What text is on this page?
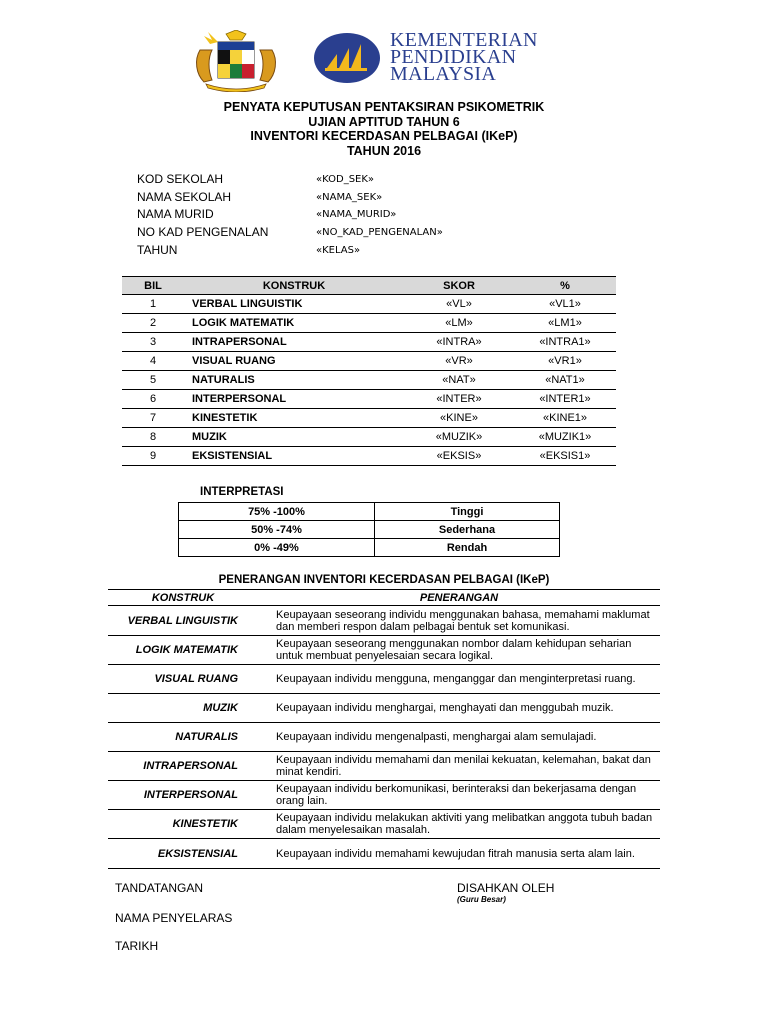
KEMENTERIAN
PENDIDIKAN
MALAYSIA
PENYATA KEPUTUSAN PENTAKSIRAN PSIKOMETRIK
UJIAN APTITUD TAHUN 6
INVENTORI KECERDASAN PELBAGAI (IKeP)
TAHUN 2016
KOD SEKOLAH	«KOD_SEK»
NAMA SEKOLAH	«NAMA_SEK»
NAMA MURID	«NAMA_MURID»
NO KAD PENGENALAN	«NO_KAD_PENGENALAN»
TAHUN	«KELAS»
BIL	KONSTRUK	SKOR	%
1	VERBAL LINGUISTIK	«VL»	«VL1»
2	LOGIK MATEMATIK	«LM»	«LM1»
3	INTRAPERSONAL	«INTRA»	«INTRA1»
4	VISUAL RUANG	«VR»	«VR1»
5	NATURALIS	«NAT»	«NAT1»
6	INTERPERSONAL	«INTER»	«INTER1»
7	KINESTETIK	«KINE»	«KINE1»
8	MUZIK	«MUZIK»	«MUZIK1»
9	EKSISTENSIAL	«EKSIS»	«EKSIS1»
INTERPRETASI
75% -100%	Tinggi
50% -74%	Sederhana
0% -49%	Rendah
PENERANGAN INVENTORI KECERDASAN PELBAGAI (IKeP)
KONSTRUK	PENERANGAN
VERBAL LINGUISTIK	Keupayaan seseorang individu menggunakan bahasa, memahami maklumat dan memberi respon dalam pelbagai bentuk set komunikasi.
LOGIK MATEMATIK	Keupayaan seseorang menggunakan nombor dalam kehidupan seharian untuk membuat penyelesaian secara logikal.
VISUAL RUANG	Keupayaan individu mengguna, menganggar dan menginterpretasi ruang.
MUZIK	Keupayaan individu menghargai, menghayati dan menggubah muzik.
NATURALIS	Keupayaan individu mengenalpasti, menghargai alam semulajadi.
INTRAPERSONAL	Keupayaan individu memahami dan menilai kekuatan, kelemahan, bakat dan minat kendiri.
INTERPERSONAL	Keupayaan individu berkomunikasi, berinteraksi dan bekerjasama dengan orang lain.
KINESTETIK	Keupayaan individu melakukan aktiviti yang melibatkan anggota tubuh badan dalam menyelesaikan masalah.
EKSISTENSIAL	Keupayaan individu memahami kewujudan fitrah manusia serta alam lain.
TANDATANGAN
NAMA PENYELARAS
TARIKH
DISAHKAN OLEH
(Guru Besar)
